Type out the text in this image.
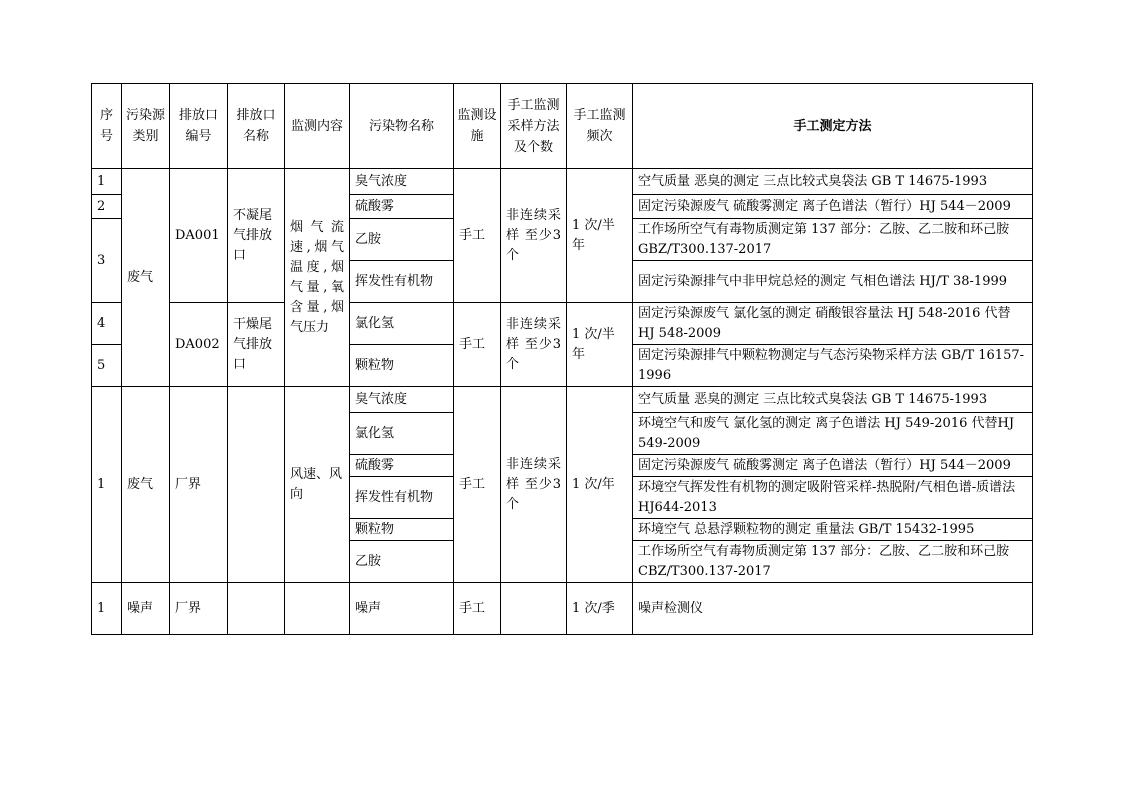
序号	污染源类别	排放口编号	排放口名称	监测内容	污染物名称	监测设施	手工监测采样方法及个数	手工监测频次	手工测定方法
1	废气	DA001	不凝尾气排放口	烟气流速,烟气温度,烟气量,氧含量,烟气压力	臭气浓度	手工	非连续采样 至少3个	1 次/半年	空气质量 恶臭的测定 三点比较式臭袋法 GB T 14675-1993
2					硫酸雾				固定污染源废气 硫酸雾测定 离子色谱法（暂行）HJ 544－2009
3					乙胺				工作场所空气有毒物质测定第 137 部分：乙胺、乙二胺和环己胺GBZ/T300.137-2017
					挥发性有机物				固定污染源排气中非甲烷总烃的测定 气相色谱法 HJ/T 38-1999
4		DA002	干燥尾气排放口		氯化氢	手工	非连续采样 至少3个	1 次/半年	固定污染源废气 氯化氢的测定 硝酸银容量法 HJ 548-2016 代替HJ 548-2009
5					颗粒物				固定污染源排气中颗粒物测定与气态污染物采样方法 GB/T 16157-1996
1	废气	厂界		风速、风向	臭气浓度	手工	非连续采样 至少3个	1 次/年	空气质量 恶臭的测定 三点比较式臭袋法 GB T 14675-1993
					氯化氢				环境空气和废气 氯化氢的测定 离子色谱法 HJ 549-2016 代替HJ 549-2009
					硫酸雾				固定污染源废气 硫酸雾测定 离子色谱法（暂行）HJ 544－2009
					挥发性有机物				环境空气挥发性有机物的测定吸附管采样-热脱附/气相色谱-质谱法 HJ644-2013
					颗粒物				环境空气 总悬浮颗粒物的测定 重量法 GB/T 15432-1995
					乙胺				工作场所空气有毒物质测定第 137 部分：乙胺、乙二胺和环己胺CBZ/T300.137-2017
1	噪声	厂界			噪声	手工		1 次/季	噪声检测仪
